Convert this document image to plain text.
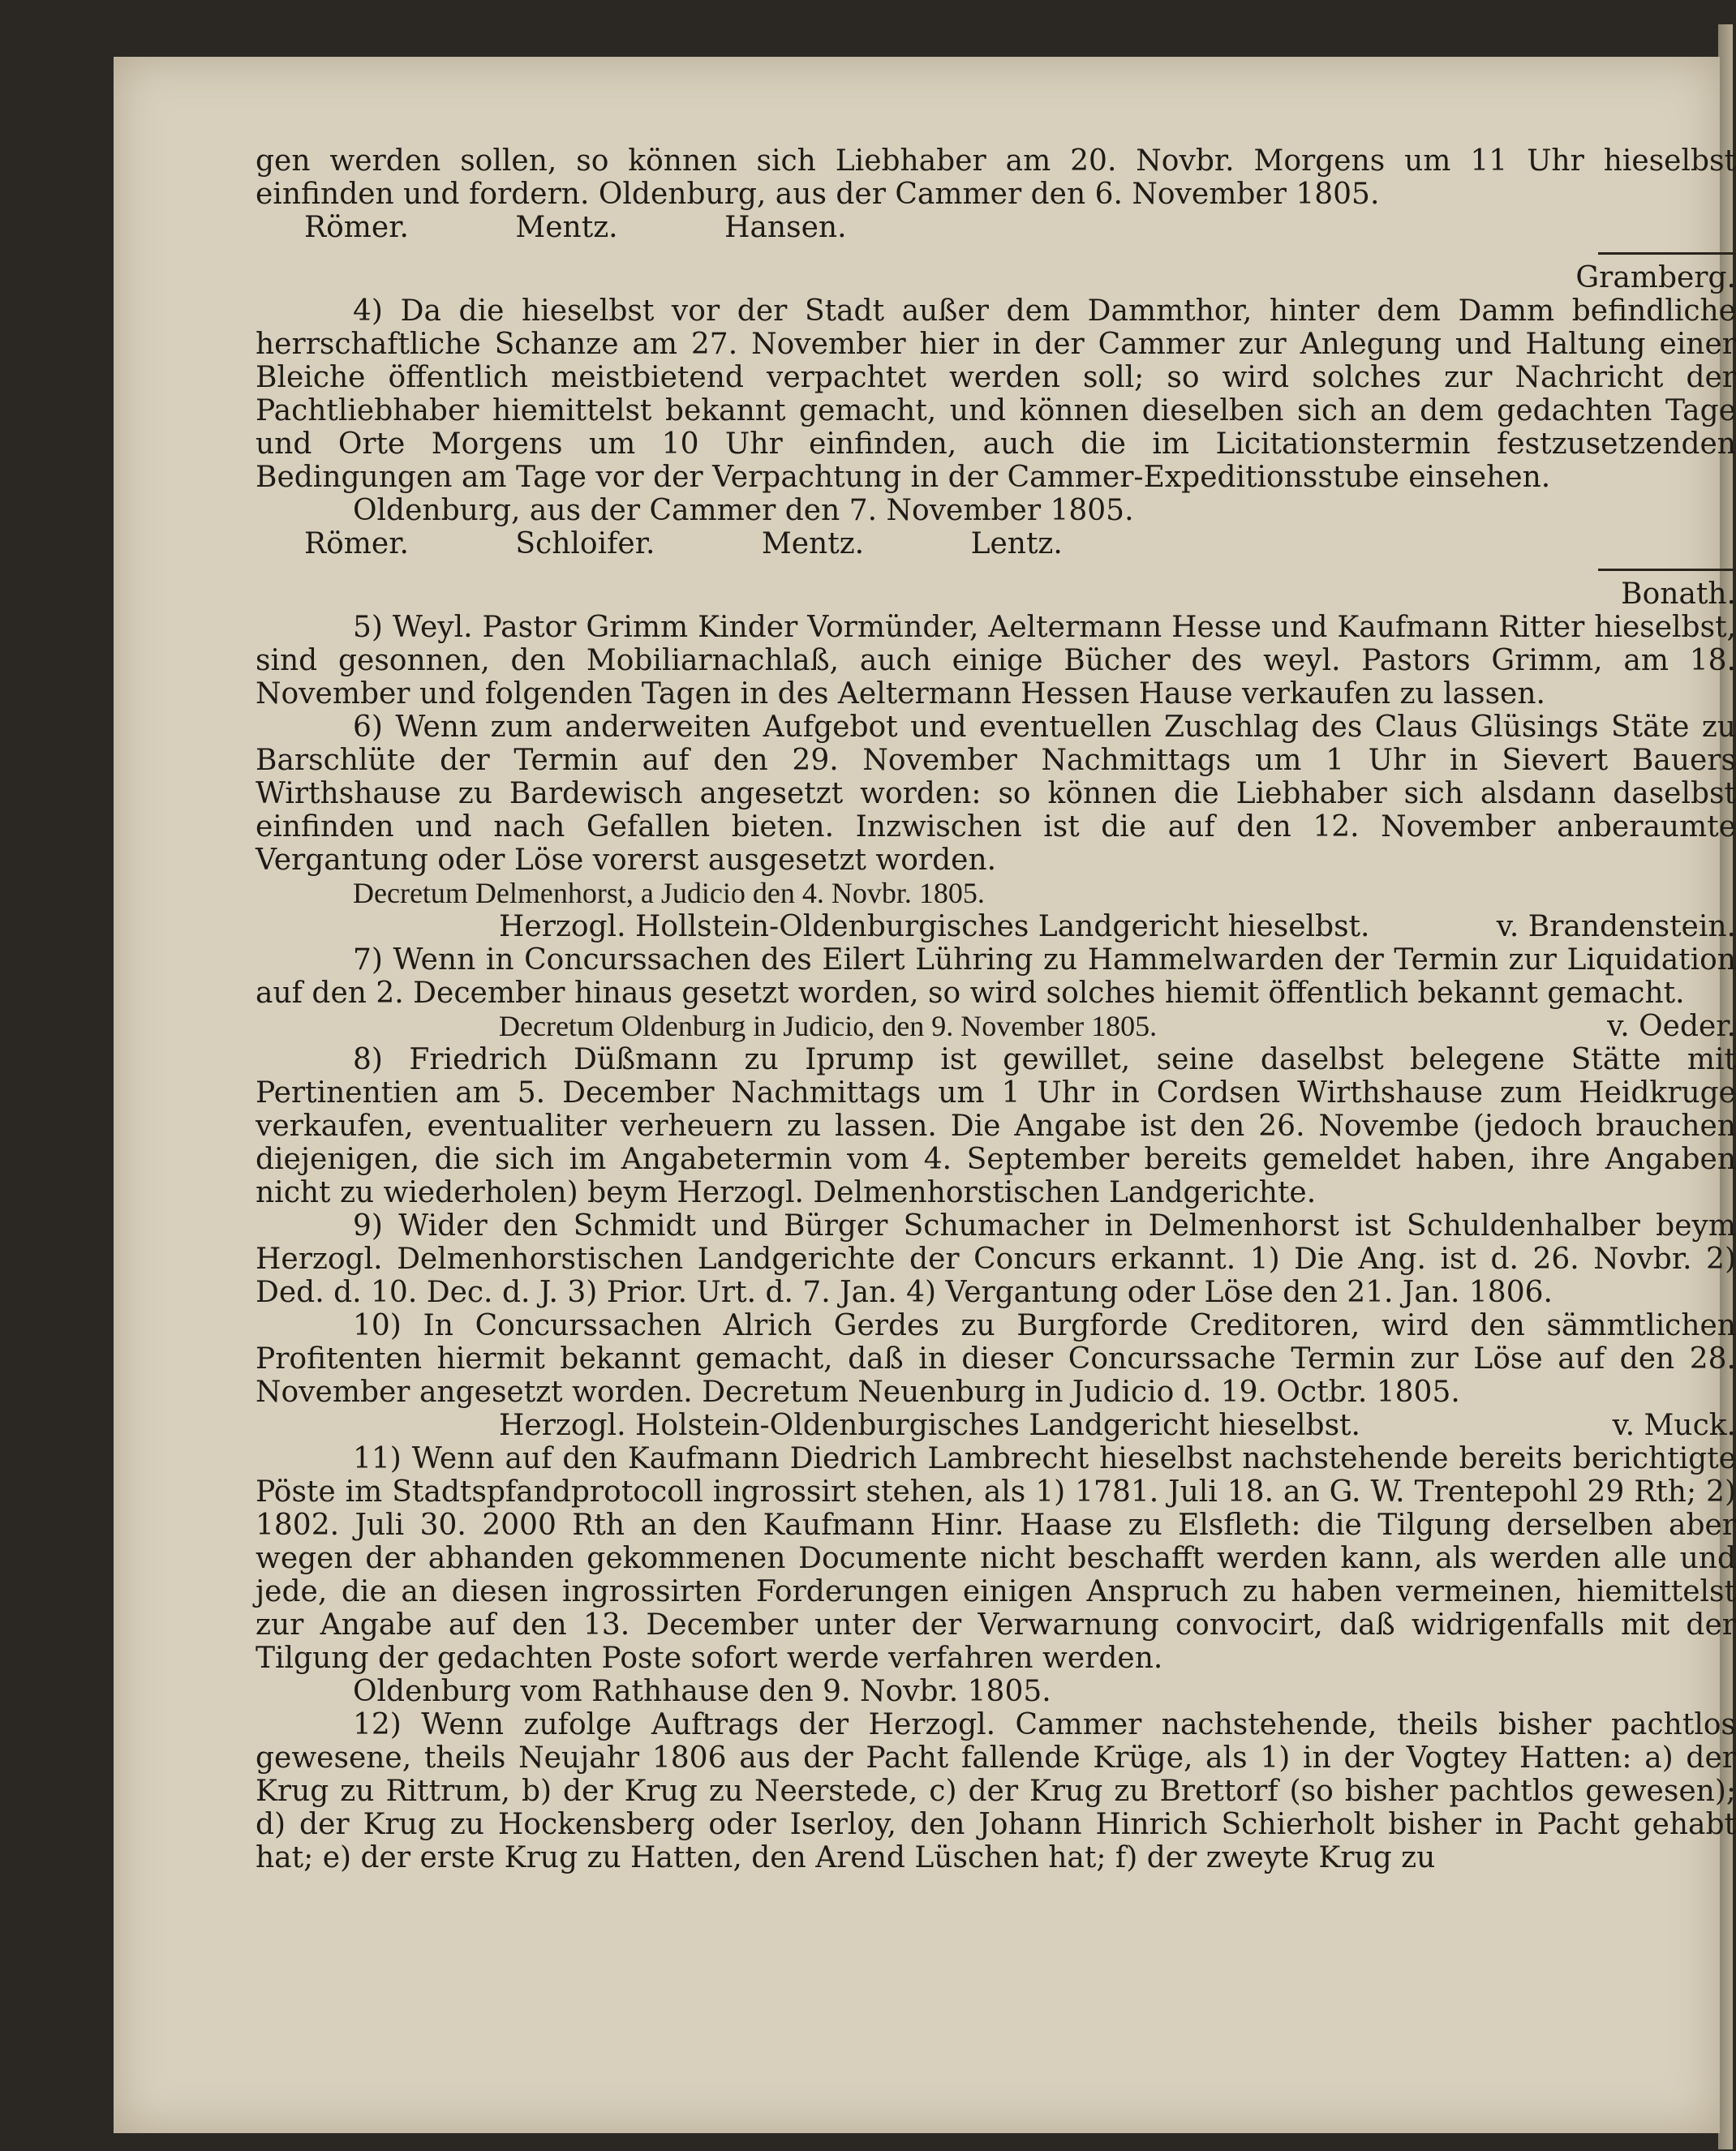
gen werden sollen, so können sich Liebhaber am 20. Novbr. Morgens um 11 Uhr hieselbst einfinden und fordern. Oldenburg, aus der Cammer den 6. November 1805.

Römer.	Mentz.	Hansen.

Gramberg.

4) Da die hieselbst vor der Stadt außer dem Dammthor, hinter dem Damm befindliche herrschaftliche Schanze am 27. November hier in der Cammer zur Anlegung und Haltung einer Bleiche öffentlich meistbietend verpachtet werden soll; so wird solches zur Nachricht der Pachtliebhaber hiemittelst bekannt gemacht, und können dieselben sich an dem gedachten Tage und Orte Morgens um 10 Uhr einfinden, auch die im Licitationstermin festzusetzenden Bedingungen am Tage vor der Verpachtung in der Cammer-Expeditionsstube einsehen.

Oldenburg, aus der Cammer den 7. November 1805.

Römer.	Schloifer.	Mentz.	Lentz.

Bonath.

5) Weyl. Pastor Grimm Kinder Vormünder, Aeltermann Hesse und Kaufmann Ritter hieselbst, sind gesonnen, den Mobiliarnachlaß, auch einige Bücher des weyl. Pastors Grimm, am 18. November und folgenden Tagen in des Aeltermann Hessen Hause verkaufen zu lassen.

6) Wenn zum anderweiten Aufgebot und eventuellen Zuschlag des Claus Glüsings Stäte zu Barschlüte der Termin auf den 29. November Nachmittags um 1 Uhr in Sievert Bauers Wirthshause zu Bardewisch angesetzt worden: so können die Liebhaber sich alsdann daselbst einfinden und nach Gefallen bieten. Inzwischen ist die auf den 12. November anberaumte Vergantung oder Löse vorerst ausgesetzt worden.

Decretum Delmenhorst, a Judicio den 4. Novbr. 1805.

Herzogl. Hollstein-Oldenburgisches Landgericht hieselbst.	v. Brandenstein.

7) Wenn in Concurssachen des Eilert Lühring zu Hammelwarden der Termin zur Liquidation auf den 2. December hinaus gesetzt worden, so wird solches hiemit öffentlich bekannt gemacht.

Decretum Oldenburg in Judicio, den 9. November 1805.	v. Oeder.

8) Friedrich Düßmann zu Iprump ist gewillet, seine daselbst belegene Stätte mit Pertinentien am 5. December Nachmittags um 1 Uhr in Cordsen Wirthshause zum Heidkruge verkaufen, eventualiter verheuern zu lassen. Die Angabe ist den 26. Novembe (jedoch brauchen diejenigen, die sich im Angabetermin vom 4. September bereits gemeldet haben, ihre Angaben nicht zu wiederholen) beym Herzogl. Delmenhorstischen Landgerichte.

9) Wider den Schmidt und Bürger Schumacher in Delmenhorst ist Schuldenhalber beym Herzogl. Delmenhorstischen Landgerichte der Concurs erkannt. 1) Die Ang. ist d. 26. Novbr. 2) Ded. d. 10. Dec. d. J. 3) Prior. Urt. d. 7. Jan. 4) Vergantung oder Löse den 21. Jan. 1806.

10) In Concurssachen Alrich Gerdes zu Burgforde Creditoren, wird den sämmtlichen Profitenten hiermit bekannt gemacht, daß in dieser Concurssache Termin zur Löse auf den 28. November angesetzt worden. Decretum Neuenburg in Judicio d. 19. Octbr. 1805.

Herzogl. Holstein-Oldenburgisches Landgericht hieselbst.	v. Muck.

11) Wenn auf den Kaufmann Diedrich Lambrecht hieselbst nachstehende bereits berichtigte Pöste im Stadtspfandprotocoll ingrossirt stehen, als 1) 1781. Juli 18. an G. W. Trentepohl 29 Rth; 2) 1802. Juli 30. 2000 Rth an den Kaufmann Hinr. Haase zu Elsfleth: die Tilgung derselben aber wegen der abhanden gekommenen Documente nicht beschafft werden kann, als werden alle und jede, die an diesen ingrossirten Forderungen einigen Anspruch zu haben vermeinen, hiemittelst zur Angabe auf den 13. December unter der Verwarnung convocirt, daß widrigenfalls mit der Tilgung der gedachten Poste sofort werde verfahren werden.

Oldenburg vom Rathhause den 9. Novbr. 1805.

12) Wenn zufolge Auftrags der Herzogl. Cammer nachstehende, theils bisher pachtlos gewesene, theils Neujahr 1806 aus der Pacht fallende Krüge, als 1) in der Vogtey Hatten: a) der Krug zu Rittrum, b) der Krug zu Neerstede, c) der Krug zu Brettorf (so bisher pachtlos gewesen); d) der Krug zu Hockensberg oder Iserloy, den Johann Hinrich Schierholt bisher in Pacht gehabt hat; e) der erste Krug zu Hatten, den Arend Lüschen hat; f) der zweyte Krug zu
